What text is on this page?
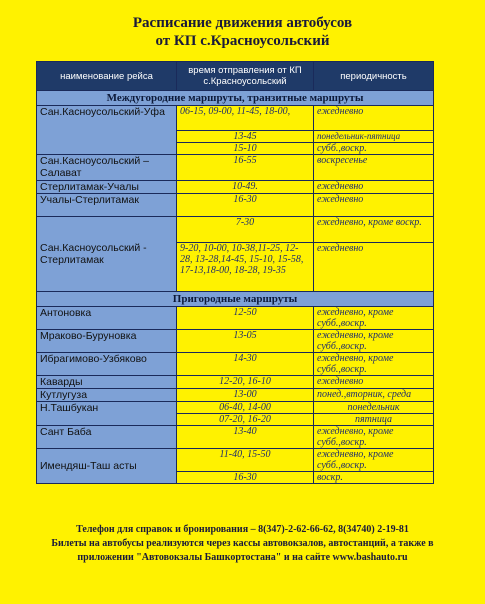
Расписание движения автобусов
от КП с.Красноусольский
наименование рейса	время отправления от КП с.Красноусольский	периодичность
Междугородние маршруты, транзитные маршруты		
Сан.Касноусольский-Уфа	06-15, 09-00, 11-45, 18-00,	ежедневно
	13-45	понедельник-пятница
	15-10	субб.,воскр.
Сан.Касноусольский – Салават	16-55	воскресенье
Стерлитамак-Учалы	10-49.	ежедневно
Учалы-Стерлитамак	16-30	ежедневно
Сан.Касноусольский - Стерлитамак	7-30	ежедневно, кроме воскр.
	9-20, 10-00, 10-38,11-25, 12-28, 13-28,14-45, 15-10, 15-58, 17-13,18-00, 18-28, 19-35	ежедневно
Пригородные маршруты		
Антоновка	12-50	ежедневно, кроме субб.,воскр.
Мраково-Буруновка	13-05	ежедневно, кроме субб.,воскр.
Ибрагимово-Узбяково	14-30	ежедневно, кроме субб.,воскр.
Каварды	12-20, 16-10	ежедневно
Кутлугуза	13-00	понед.,вторник, среда
Н.Ташбукан	06-40, 14-00	понедельник
	07-20, 16-20	пятница
Сант Баба	13-40	ежедневно, кроме субб.,воскр.
Имендяш-Таш асты	11-40, 15-50	ежедневно, кроме субб.,воскр.
	16-30	воскр.
Телефон для справок и бронирования – 8(347)-2-62-66-62, 8(34740) 2-19-81
Билеты на автобусы реализуются через кассы автовокзалов, автостанций, а также в
приложении "Автовокзалы Башкортостана" и на сайте www.bashauto.ru
